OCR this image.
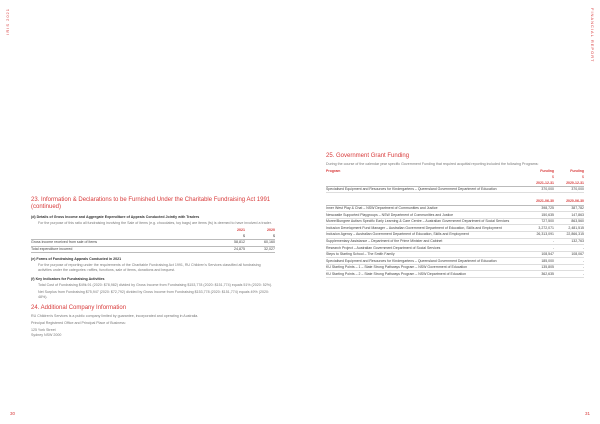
IRIS 2021
23. Information & Declarations to be Furnished Under the Charitable Fundraising Act 1991 (continued)
(d) Details of Gross Income and Aggregate Expenditure of Appeals Conducted Jointly with Traders

For the purpose of this ratio all fundraising involving the Sale of items (e.g. chocolates, toy bags) are items (fs) is deemed to have involved a trader.

	2021	2020
	$	$
Gross income received from sale of items	58,812	60,160
Total expenditure incurred	24,875	32,027
(e) Forms of Fundraising Appeals Conducted in 2021

For the purpose of reporting under the requirements of the Charitable Fundraising Act 1991, RU Children's Services classified all fundraising activities under the categories: raffles, functions, sale of items, donations and bequest.

(f) Key Indicators for Fundraising Activities

Total Cost of Fundraising $49k.91 (2020: $78,982) divided by Gross Income from Fundraising $153,778 (2020: $151,774) equals 51% (2020: 52%).

Net Surplus from Fundraising $75,947 (2020: $72,792) divided by Gross Income from Fundraising $153,778 (2020: $151,774) equals 49% (2020: 48%).

24. Additional Company Information

RU Children's Services is a public company limited by guarantee, incorporated and operating in Australia.

Principal Registered Office and Principal Place of Business:

125 York Street

Sydney NSW 2000

30
FINANCIAL REPORT
25. Government Grant Funding

During the course of the calendar year specific Government Funding that required acquittal reporting included the following Programs:

Program	Funding	Funding
	$	$
	2021-12-31	2020-12-31
Specialised Equipment and Resources for Kindergartens – Queensland Government Department of Education	370,000	370,000

	2021-06-30	2020-06-30
Inner West Play & Chat – NSW Department of Communities and Justice	398,725	387,782
Newcastle Supported Playgroups – NSW Department of Communities and Justice	150,635	147,863
Moree/Bungree Autism Specific Early Learning & Care Centre – Australian Government Department of Social Services	727,500	863,560
Inclusion Development Fund Manager – Australian Government Department of Education, Skills and Employment	3,272,071	2,481,515
Inclusion Agency – Australian Government Department of Education, Skills and Employment	26,313,091	22,866,315
Supplementary Assistance – Department of the Prime Minister and Cabinet	-	132,763
Research Project – Australian Government Department of Social Services	-	-
Steps to Starting School – The Smith Family	108,547	108,067
Specialised Equipment and Resources for Kindergartens – Queensland Government Department of Education	185,000	-
KU Starting Points – 1 – State Strong Pathways Program – NSW Government of Education	135,805	-
KU Starting Points – 2 – State Strong Pathways Program – NSW Department of Education	362,635	-
31
